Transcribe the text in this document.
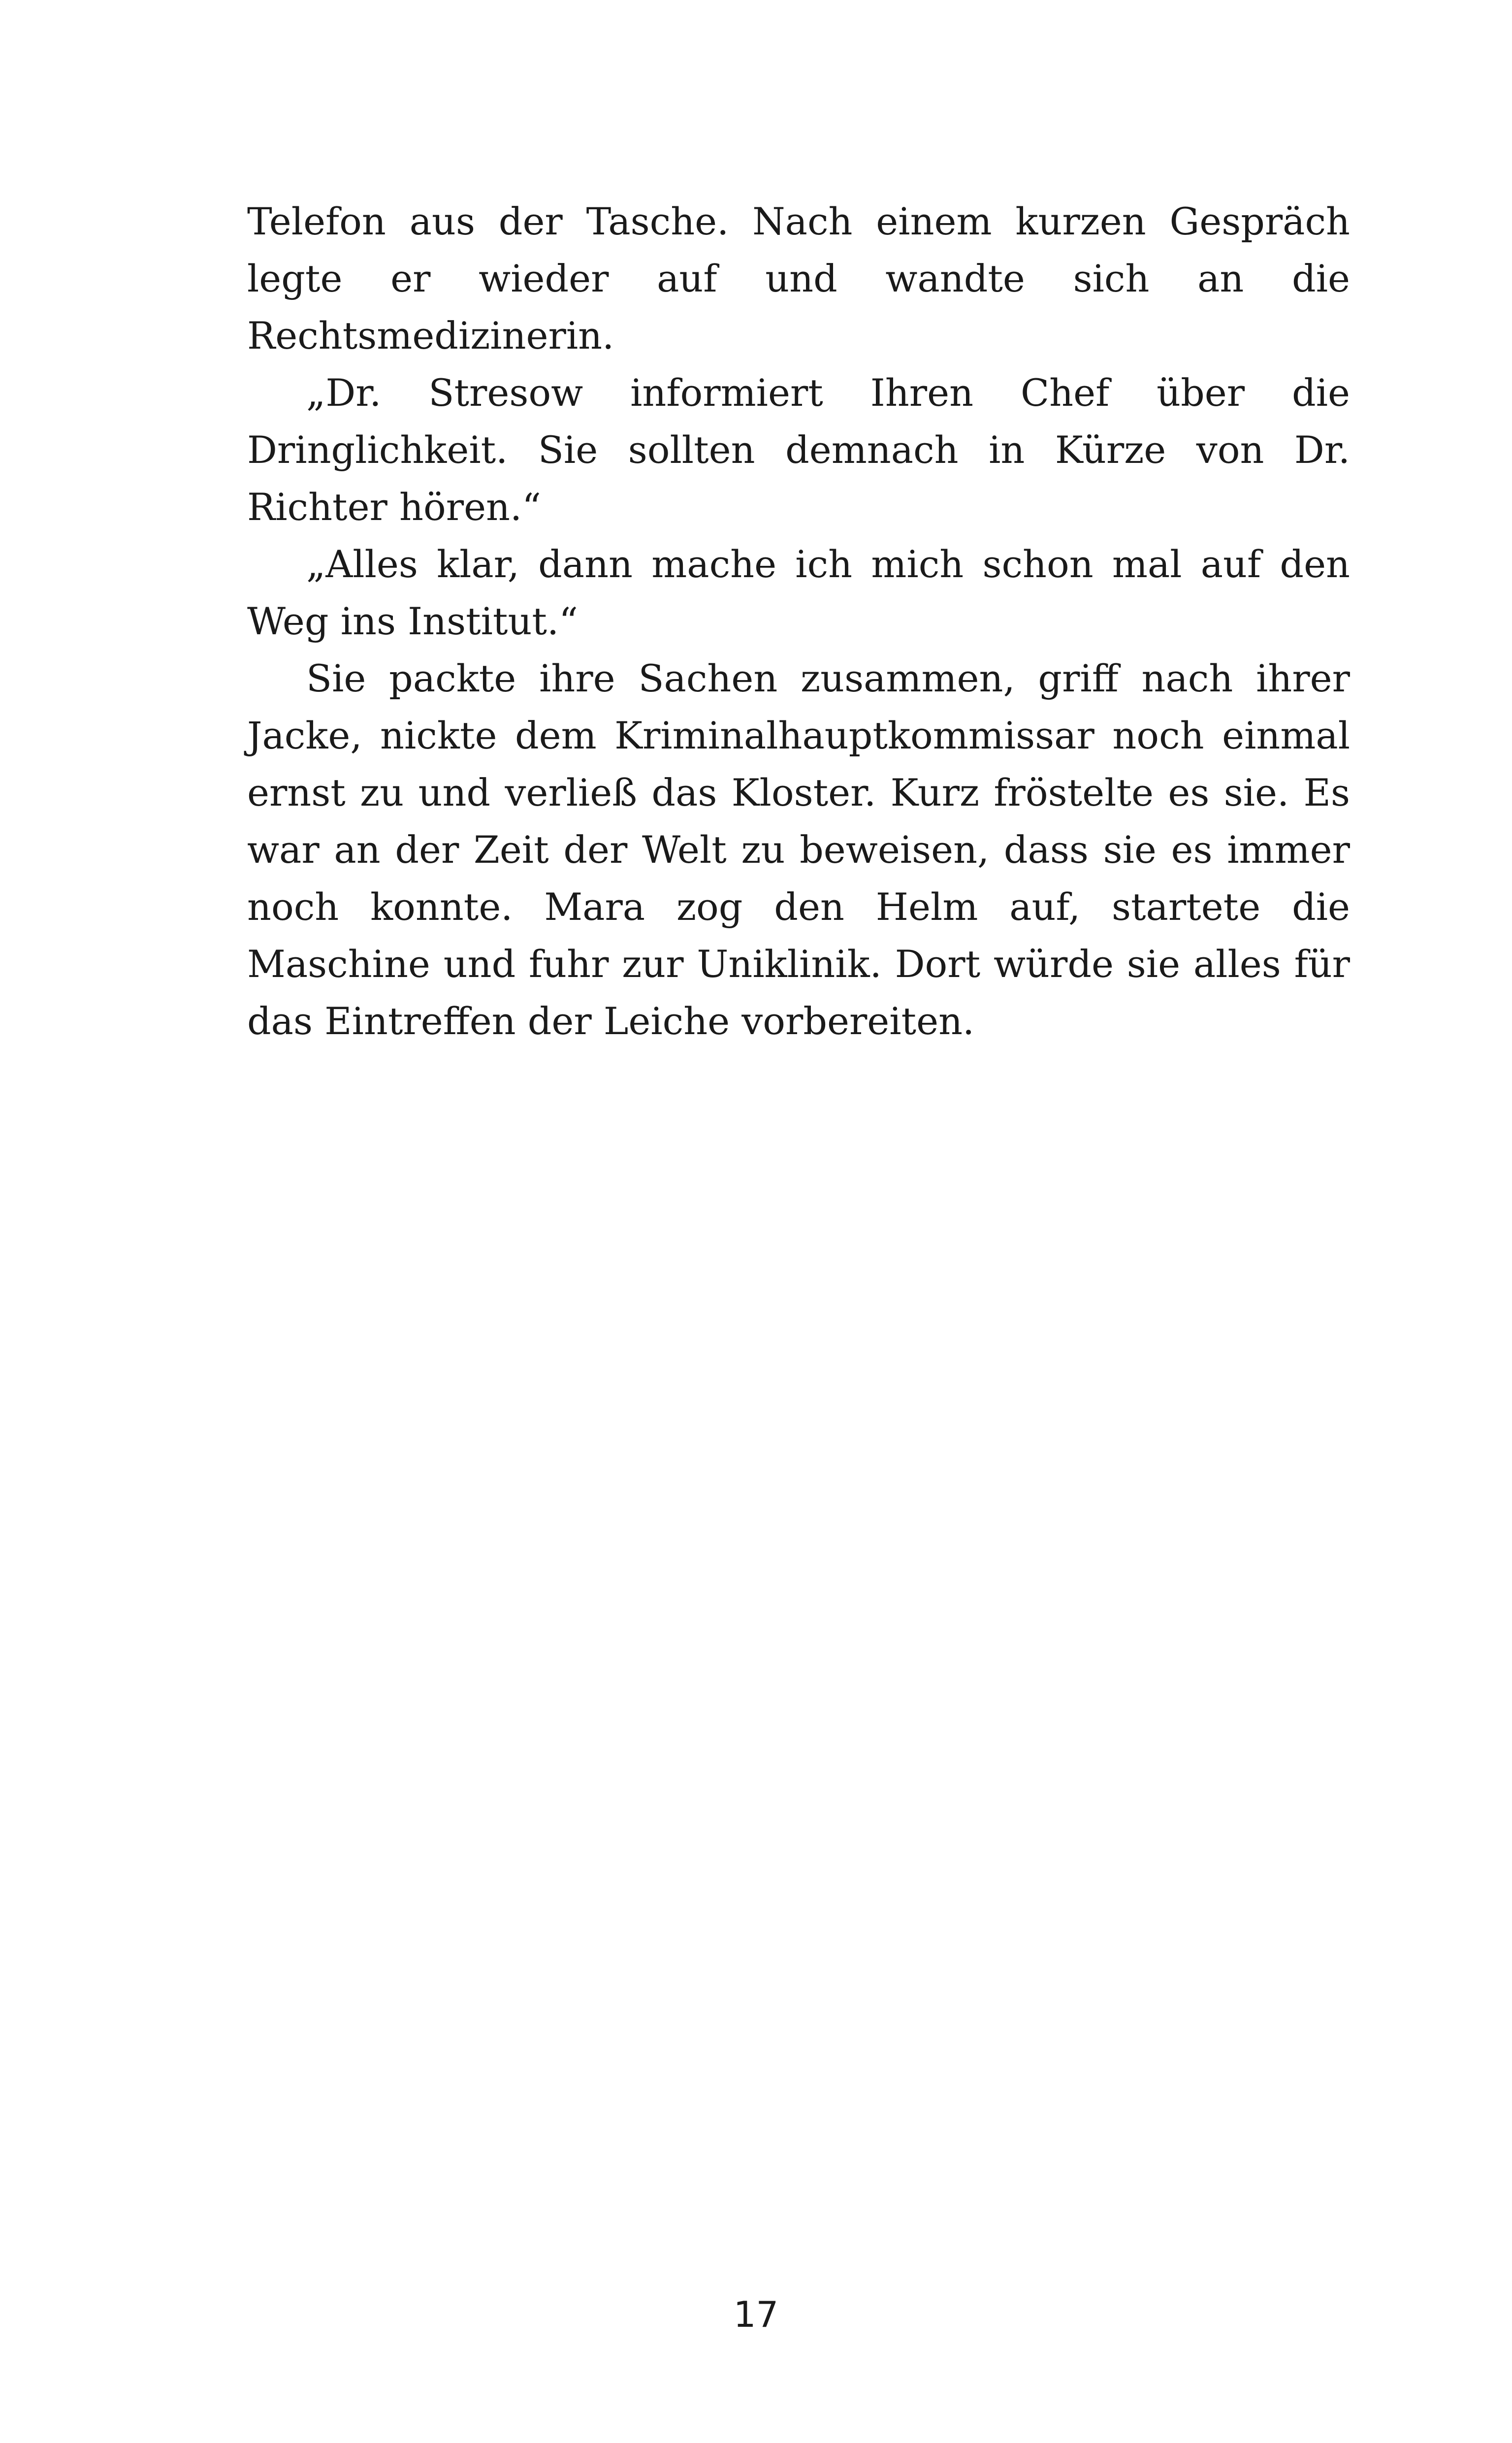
Telefon aus der Tasche. Nach einem kurzen Gespräch legte er wieder auf und wandte sich an die Rechtsmedizinerin.

„Dr. Stresow informiert Ihren Chef über die Dringlichkeit. Sie sollten demnach in Kürze von Dr. Richter hören.“

„Alles klar, dann mache ich mich schon mal auf den Weg ins Institut.“

Sie packte ihre Sachen zusammen, griff nach ihrer Jacke, nickte dem Kriminalhauptkommissar noch einmal ernst zu und verließ das Kloster. Kurz fröstelte es sie. Es war an der Zeit der Welt zu beweisen, dass sie es immer noch konnte. Mara zog den Helm auf, startete die Maschine und fuhr zur Uniklinik. Dort würde sie alles für das Eintreffen der Leiche vorbereiten.

17
